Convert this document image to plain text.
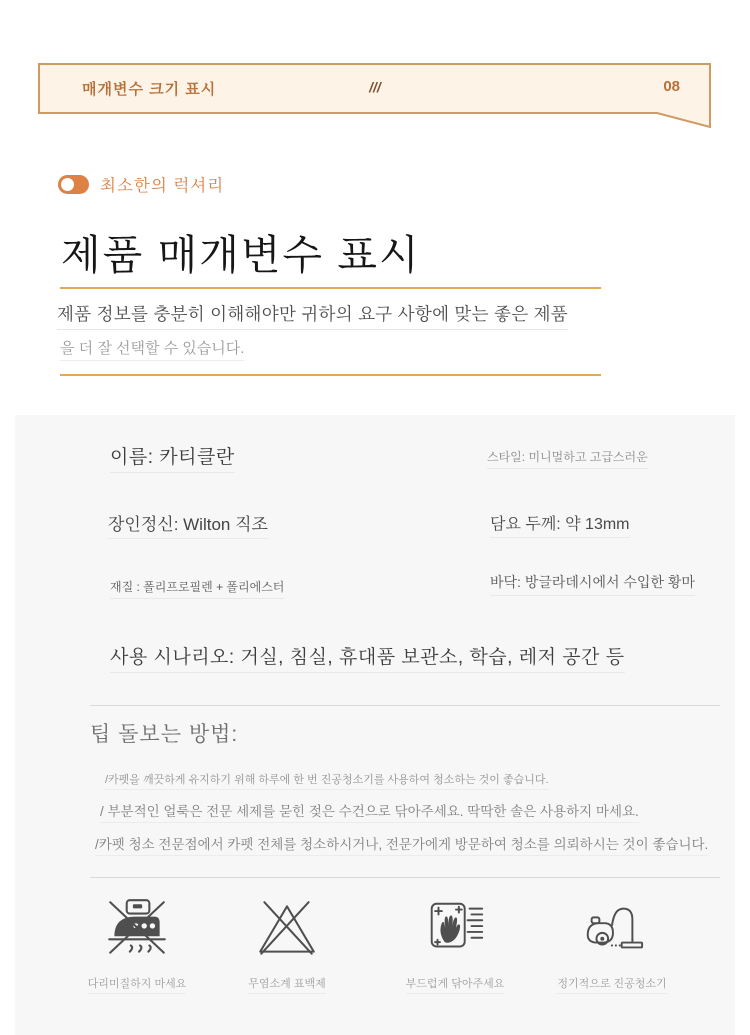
매개변수 크기 표시	///	08
최소한의 럭셔리
제품 매개변수 표시
제품 정보를 충분히 이해해야만 귀하의 요구 사항에 맞는 좋은 제품
을 더 잘 선택할 수 있습니다.
이름: 카티클란	스타일: 미니멀하고 고급스러운
장인정신: Wilton 직조	담요 두께: 약 13mm
재질 : 폴리프로필렌 + 폴리에스터	바닥: 방글라데시에서 수입한 황마
사용 시나리오: 거실, 침실, 휴대품 보관소, 학습, 레저 공간 등
팁 돌보는 방법:
/카펫을 깨끗하게 유지하기 위해 하루에 한 번 진공청소기를 사용하여 청소하는 것이 좋습니다.
/ 부분적인 얼룩은 전문 세제를 묻힌 젖은 수건으로 닦아주세요. 딱딱한 솔은 사용하지 마세요.
/카펫 청소 전문점에서 카펫 전체를 청소하시거나, 전문가에게 방문하여 청소를 의뢰하시는 것이 좋습니다.
다리미질하지 마세요	무염소계 표백제	부드럽게 닦아주세요	정기적으로 진공청소기
